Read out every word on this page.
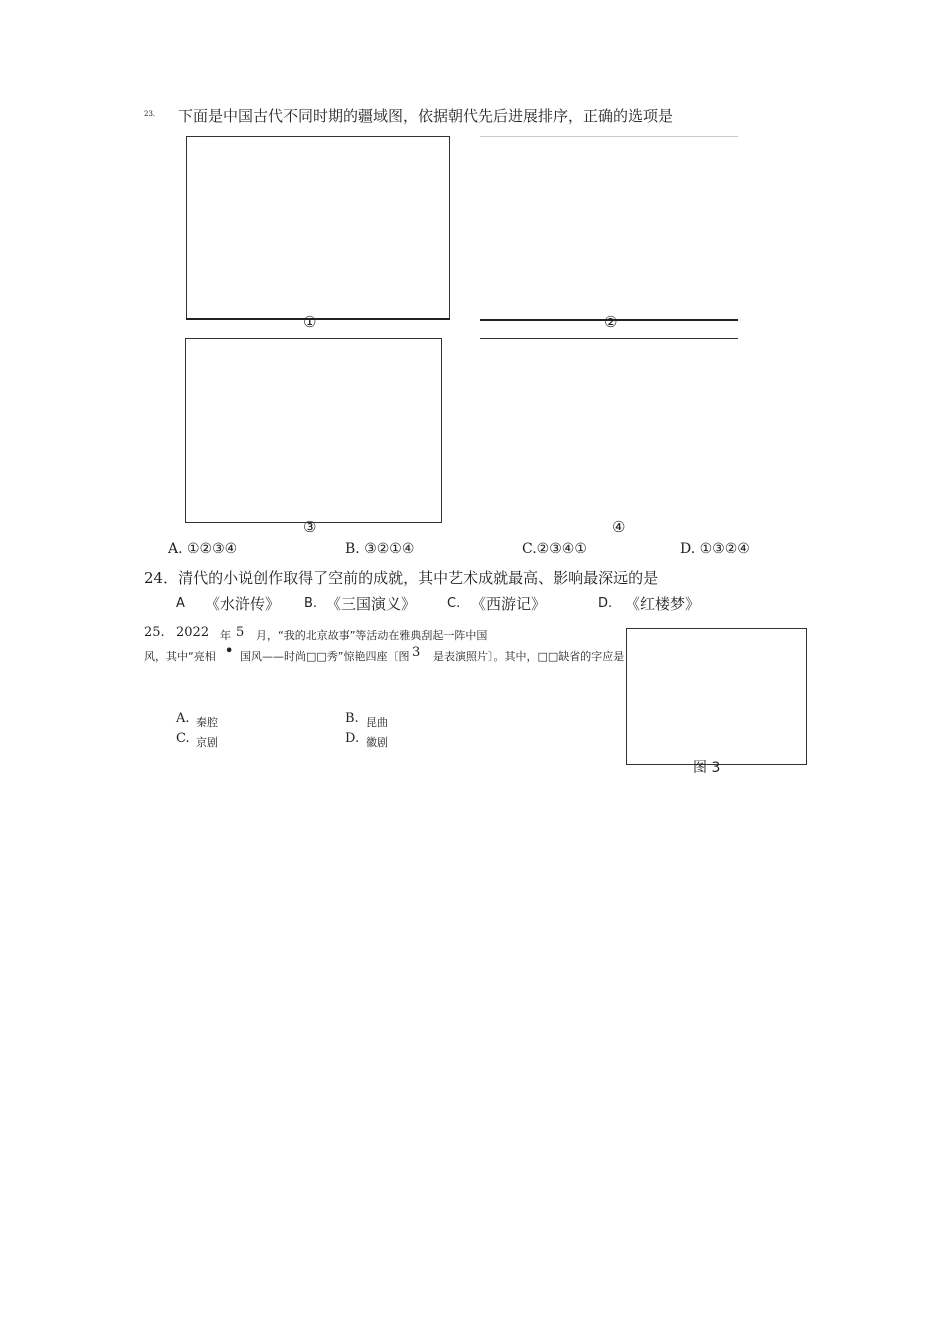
23. 下面是中国古代不同时期的疆域图，依据朝代先后进展排序，正确的选项是
①	②
③	④
A. ①②③④	B. ③②①④	C.②③④①	D. ①③②④
24．清代的小说创作取得了空前的成就，其中艺术成就最高、影响最深远的是
A 《水浒传》 B. 《三国演义》 C. 《西游记》	D. 《红楼梦》
25. 2022 年 5 月，“我的北京故事”等活动在雅典刮起一阵中国
风，其中“亮相 • 国风——时尚□□秀”惊艳四座〔图 3 是表演照片〕。其中，□□缺省的字应是
A. 秦腔	B. 昆曲
C. 京剧	D. 徽剧
图 3
